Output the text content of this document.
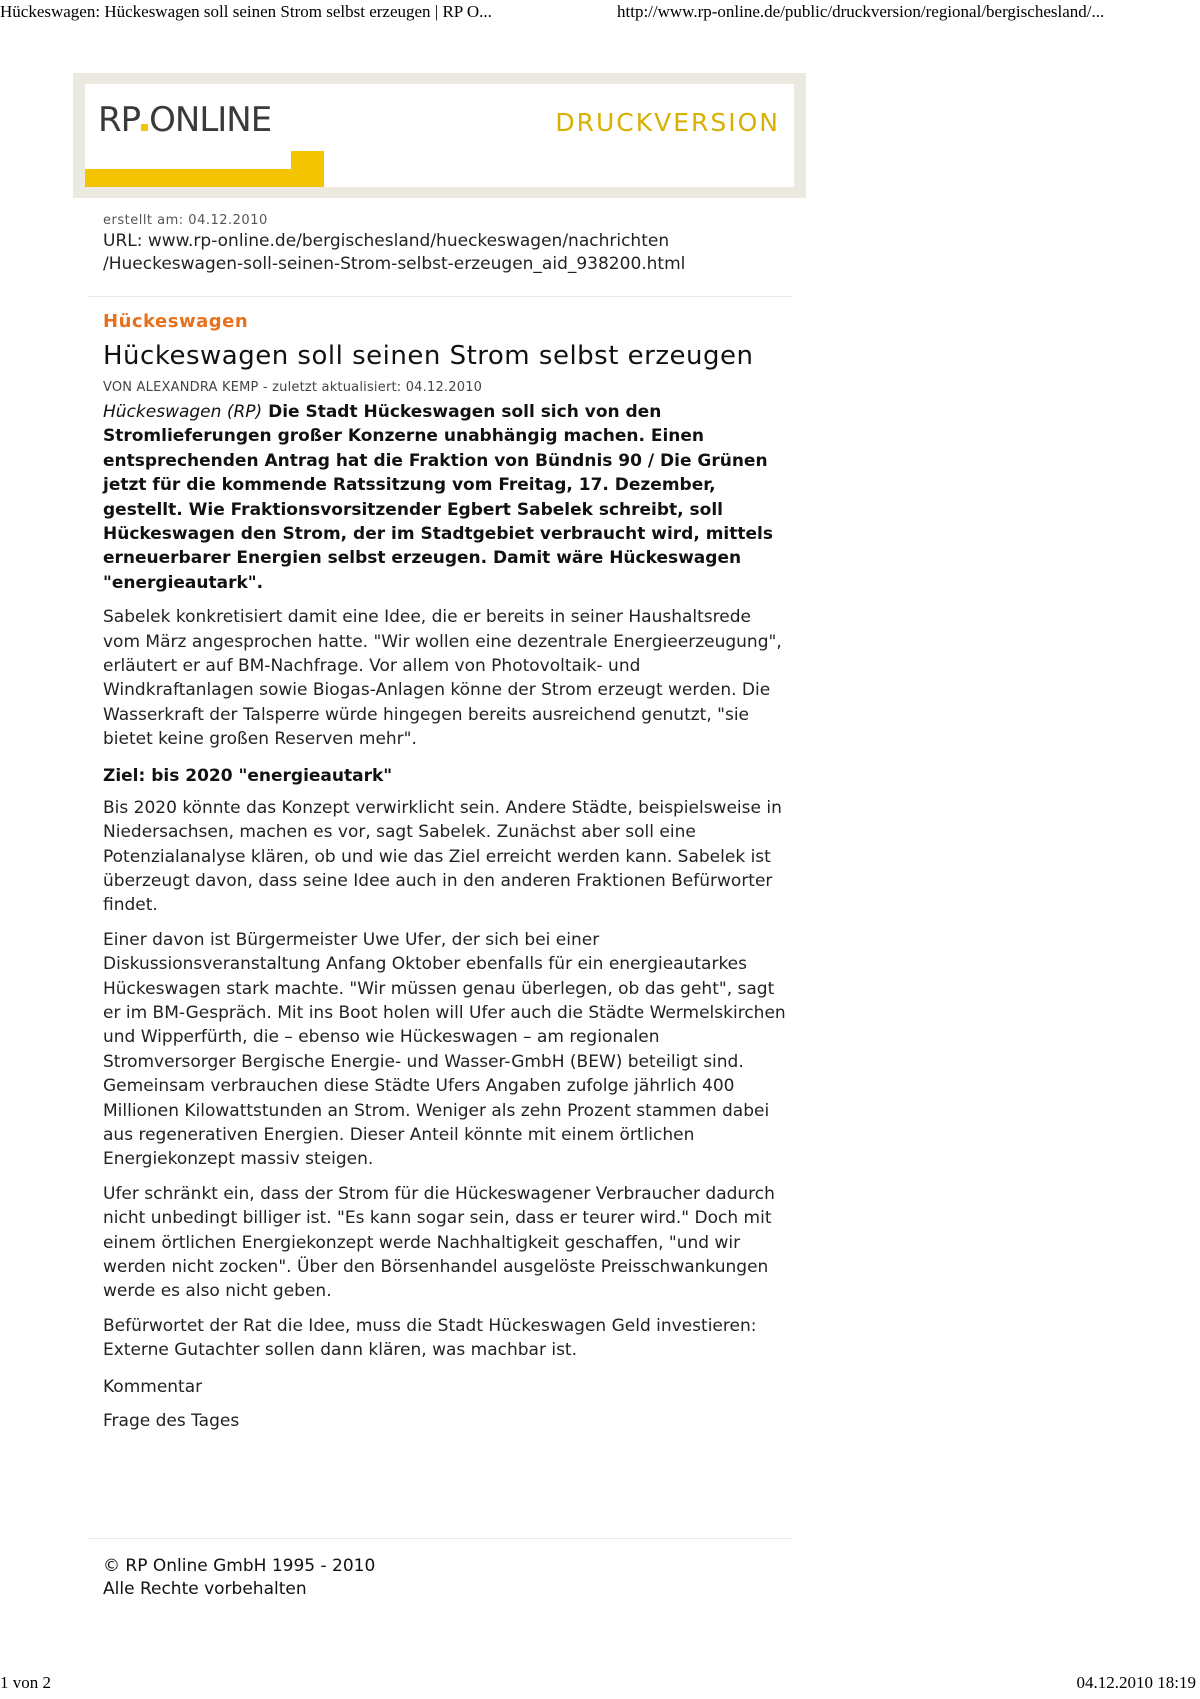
Hückeswagen: Hückeswagen soll seinen Strom selbst erzeugen | RP O...	http://www.rp-online.de/public/druckversion/regional/bergischesland/...
RP ONLINE	DRUCKVERSION
erstellt am: 04.12.2010
URL: www.rp-online.de/bergischesland/hueckeswagen/nachrichten
/Hueckeswagen-soll-seinen-Strom-selbst-erzeugen_aid_938200.html
Hückeswagen
Hückeswagen soll seinen Strom selbst erzeugen
VON ALEXANDRA KEMP - zuletzt aktualisiert: 04.12.2010
Hückeswagen (RP) Die Stadt Hückeswagen soll sich von den Stromlieferungen großer Konzerne unabhängig machen. Einen entsprechenden Antrag hat die Fraktion von Bündnis 90 / Die Grünen jetzt für die kommende Ratssitzung vom Freitag, 17. Dezember, gestellt. Wie Fraktionsvorsitzender Egbert Sabelek schreibt, soll Hückeswagen den Strom, der im Stadtgebiet verbraucht wird, mittels erneuerbarer Energien selbst erzeugen. Damit wäre Hückeswagen "energieautark".
Sabelek konkretisiert damit eine Idee, die er bereits in seiner Haushaltsrede vom März angesprochen hatte. "Wir wollen eine dezentrale Energieerzeugung", erläutert er auf BM-Nachfrage. Vor allem von Photovoltaik- und Windkraftanlagen sowie Biogas-Anlagen könne der Strom erzeugt werden. Die Wasserkraft der Talsperre würde hingegen bereits ausreichend genutzt, "sie bietet keine großen Reserven mehr".
Ziel: bis 2020 "energieautark"
Bis 2020 könnte das Konzept verwirklicht sein. Andere Städte, beispielsweise in Niedersachsen, machen es vor, sagt Sabelek. Zunächst aber soll eine Potenzialanalyse klären, ob und wie das Ziel erreicht werden kann. Sabelek ist überzeugt davon, dass seine Idee auch in den anderen Fraktionen Befürworter findet.
Einer davon ist Bürgermeister Uwe Ufer, der sich bei einer Diskussionsveranstaltung Anfang Oktober ebenfalls für ein energieautarkes Hückeswagen stark machte. "Wir müssen genau überlegen, ob das geht", sagt er im BM-Gespräch. Mit ins Boot holen will Ufer auch die Städte Wermelskirchen und Wipperfürth, die – ebenso wie Hückeswagen – am regionalen Stromversorger Bergische Energie- und Wasser-GmbH (BEW) beteiligt sind. Gemeinsam verbrauchen diese Städte Ufers Angaben zufolge jährlich 400 Millionen Kilowattstunden an Strom. Weniger als zehn Prozent stammen dabei aus regenerativen Energien. Dieser Anteil könnte mit einem örtlichen Energiekonzept massiv steigen.
Ufer schränkt ein, dass der Strom für die Hückeswagener Verbraucher dadurch nicht unbedingt billiger ist. "Es kann sogar sein, dass er teurer wird." Doch mit einem örtlichen Energiekonzept werde Nachhaltigkeit geschaffen, "und wir werden nicht zocken". Über den Börsenhandel ausgelöste Preisschwankungen werde es also nicht geben.
Befürwortet der Rat die Idee, muss die Stadt Hückeswagen Geld investieren: Externe Gutachter sollen dann klären, was machbar ist.
Kommentar
Frage des Tages
© RP Online GmbH 1995 - 2010
Alle Rechte vorbehalten
1 von 2	04.12.2010 18:19
